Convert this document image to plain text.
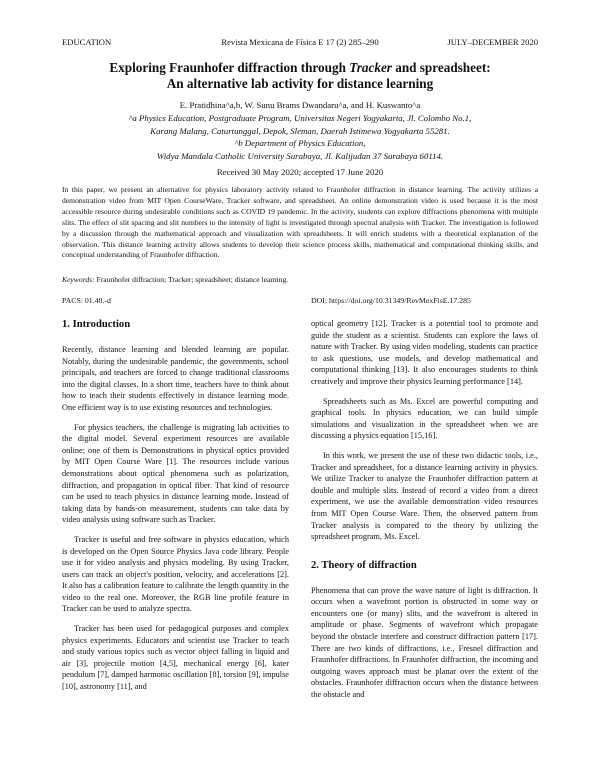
Revista Mexicana de Física E 17 (2) 285–290
EDUCATION	JULY–DECEMBER 2020
Exploring Fraunhofer diffraction through Tracker and spreadsheet:
An alternative lab activity for distance learning
E. Pratidhina^a,b, W. Sunu Brams Dwandaru^a, and H. Kuswanto^a
^a Physics Education, Postgraduate Program, Universitas Negeri Yogyakarta, Jl. Colombo No.1,
Karang Malang, Caturtunggal, Depok, Sleman, Daerah Istimewa Yogyakarta 55281.
^b Department of Physics Education,
Widya Mandala Catholic University Surabaya, Jl. Kalijudan 37 Surabaya 60114.
Received 30 May 2020; accepted 17 June 2020
In this paper, we present an alternative for physics laboratory activity related to Fraunhofer diffraction in distance learning. The activity utilizes a demonstration video from MIT Open CourseWare, Tracker software, and spreadsheet. An online demonstration video is used because it is the most accessible resource during undesirable conditions such as COVID 19 pandemic. In the activity, students can explore diffractions phenomena with multiple slits. The effect of slit spacing and slit numbers to the intensity of light is investigated through spectral analysis with Tracker. The investigation is followed by a discussion through the mathematical approach and visualization with spreadsheets. It will enrich students with a theoretical explanation of the observation. This distance learning activity allows students to develop their science process skills, mathematical and computational thinking skills, and conceptual understanding of Fraunhofer diffraction.
Keywords: Fraunhofer diffraction; Tracker; spreadsheet; distance learning.
PACS: 01.40.-d	DOI: https://doi.org/10.31349/RevMexFisE.17.285
1. Introduction

Recently, distance learning and blended learning are popular. Notably, during the undesirable pandemic, the governments, school principals, and teachers are forced to change traditional classrooms into the digital classes. In a short time, teachers have to think about how to teach their students effectively in distance learning mode. One efficient way is to use existing resources and technologies.

For physics teachers, the challenge is migrating lab activities to the digital model. Several experiment resources are available online; one of them is Demonstrations in physical optics provided by MIT Open Course Ware [1]. The resources include various demonstrations about optical phenomena such as polarization, diffraction, and propagation in optical fiber. That kind of resource can be used to teach physics in distance learning mode. Instead of taking data by hands-on measurement, students can take data by video analysis using software such as Tracker.

Tracker is useful and free software in physics education, which is developed on the Open Source Physics Java code library. People use it for video analysis and physics modeling. By using Tracker, users can track an object's position, velocity, and accelerations [2]. It also has a calibration feature to calibrate the length quantity in the video to the real one. Moreover, the RGB line profile feature in Tracker can be used to analyze spectra.

Tracker has been used for pedagogical purposes and complex physics experiments. Educators and scientist use Tracker to teach and study various topics such as vector object falling in liquid and air [3], projectile motion [4,5], mechanical energy [6], kater pendulum [7], damped harmonic oscillation [8], torsion [9], impulse [10], astronomy [11], and

optical geometry [12]. Tracker is a potential tool to promote and guide the student as a scientist. Students can explore the laws of nature with Tracker. By using video modeling, students can practice to ask questions, use models, and develop mathematical and computational thinking [13]. It also encourages students to think creatively and improve their physics learning performance [14].

Spreadsheets such as Ms. Excel are powerful computing and graphical tools. In physics education, we can build simple simulations and visualization in the spreadsheet when we are discussing a physics equation [15,16].

In this work, we present the use of these two didactic tools, i.e., Tracker and spreadsheet, for a distance learning activity in physics. We utilize Tracker to analyze the Fraunhofer diffraction pattern at double and multiple slits. Instead of record a video from a direct experiment, we use the available demonstration video resources from MIT Open Course Ware. Then, the observed pattern from Tracker analysis is compared to the theory by utilizing the spreadsheet program, Ms. Excel.

2. Theory of diffraction

Phenomena that can prove the wave nature of light is diffraction. It occurs when a wavefront portion is obstructed in some way or encounters one (or many) slits, and the wavefront is altered in amplitude or phase. Segments of wavefront which propagate beyond the obstacle interfere and construct diffraction pattern [17]. There are two kinds of diffractions, i.e., Fresnel diffraction and Fraunhofer diffractions. In Fraunhofer diffraction, the incoming and outgoing waves approach must be planar over the extent of the obstacles. Fraunhofer diffraction occurs when the distance between the obstacle and
